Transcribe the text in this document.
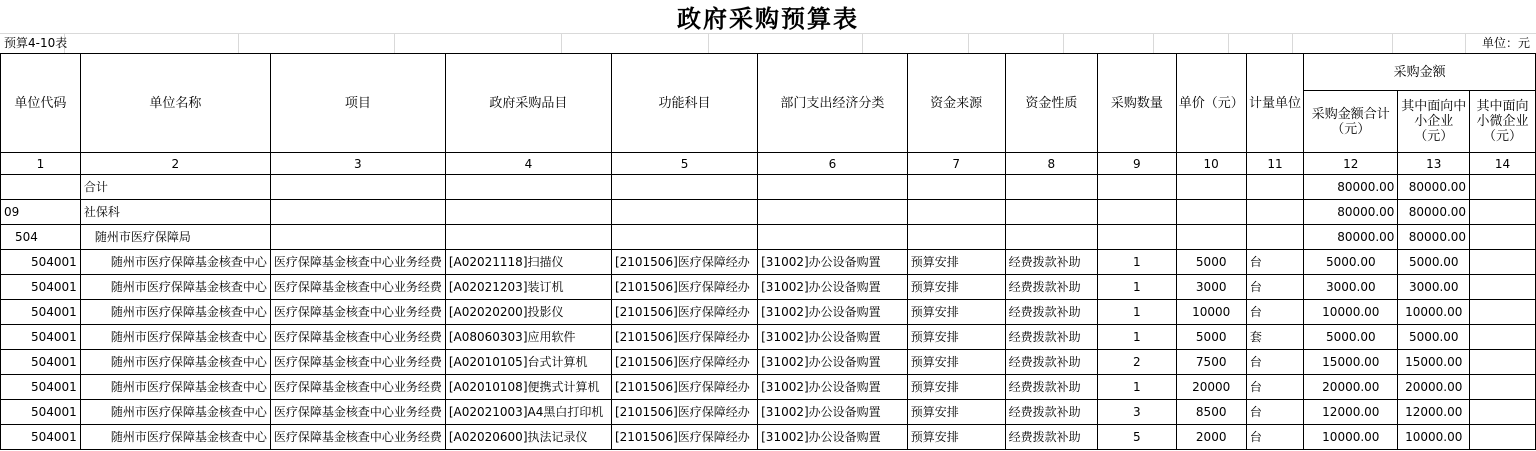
政府采购预算表
预算4-10表	单位：元
单位代码	单位名称	项目	政府采购品目	功能科目	部门支出经济分类	资金来源	资金性质	采购数量	单价（元）	计量单位	采购金额		
											采购金额合计（元）	其中面向中小企业（元）	其中面向小微企业（元）
1	2	3	4	5	6	7	8	9	10	11	12	13	14
	合计										80000.00	80000.00	
09	社保科										80000.00	80000.00	
504	随州市医疗保障局										80000.00	80000.00	
504001	随州市医疗保障基金核查中心	医疗保障基金核查中心业务经费	[A02021118]扫描仪	[2101506]医疗保障经办	[31002]办公设备购置	预算安排	经费拨款补助	1	5000	台	5000.00	5000.00	
504001	随州市医疗保障基金核查中心	医疗保障基金核查中心业务经费	[A02021203]装订机	[2101506]医疗保障经办	[31002]办公设备购置	预算安排	经费拨款补助	1	3000	台	3000.00	3000.00	
504001	随州市医疗保障基金核查中心	医疗保障基金核查中心业务经费	[A02020200]投影仪	[2101506]医疗保障经办	[31002]办公设备购置	预算安排	经费拨款补助	1	10000	台	10000.00	10000.00	
504001	随州市医疗保障基金核查中心	医疗保障基金核查中心业务经费	[A08060303]应用软件	[2101506]医疗保障经办	[31002]办公设备购置	预算安排	经费拨款补助	1	5000	套	5000.00	5000.00	
504001	随州市医疗保障基金核查中心	医疗保障基金核查中心业务经费	[A02010105]台式计算机	[2101506]医疗保障经办	[31002]办公设备购置	预算安排	经费拨款补助	2	7500	台	15000.00	15000.00	
504001	随州市医疗保障基金核查中心	医疗保障基金核查中心业务经费	[A02010108]便携式计算机	[2101506]医疗保障经办	[31002]办公设备购置	预算安排	经费拨款补助	1	20000	台	20000.00	20000.00	
504001	随州市医疗保障基金核查中心	医疗保障基金核查中心业务经费	[A02021003]A4黑白打印机	[2101506]医疗保障经办	[31002]办公设备购置	预算安排	经费拨款补助	3	8500	台	12000.00	12000.00	
504001	随州市医疗保障基金核查中心	医疗保障基金核查中心业务经费	[A02020600]执法记录仪	[2101506]医疗保障经办	[31002]办公设备购置	预算安排	经费拨款补助	5	2000	台	10000.00	10000.00	
